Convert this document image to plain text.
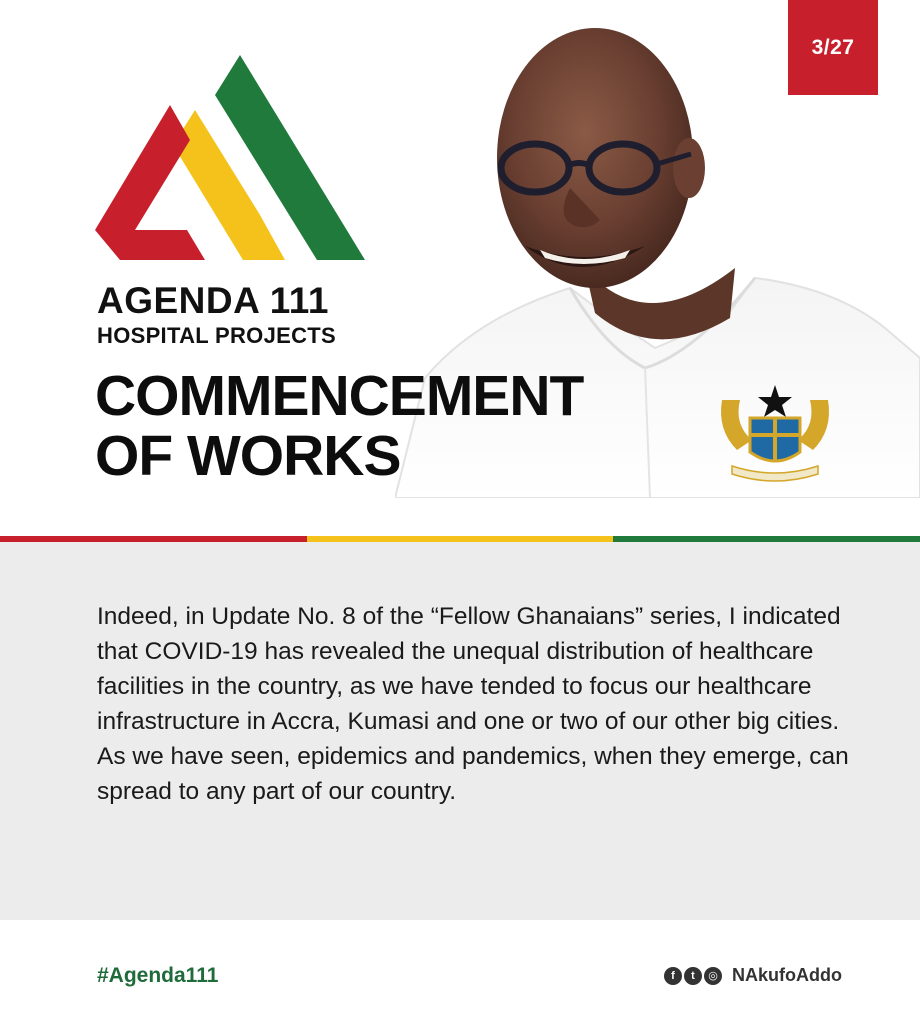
AGENDA 111
HOSPITAL PROJECTS
COMMENCEMENT
OF WORKS
3/27
Indeed, in Update No. 8 of the “Fellow Ghanaians” series, I indicated that COVID-19 has revealed the unequal distribution of healthcare facilities in the country, as we have tended to focus our healthcare infrastructure in Accra, Kumasi and one or two of our other big cities. As we have seen, epidemics and pandemics, when they emerge, can spread to any part of our country.
#Agenda111	f	t	◎ NAkufoAddo
